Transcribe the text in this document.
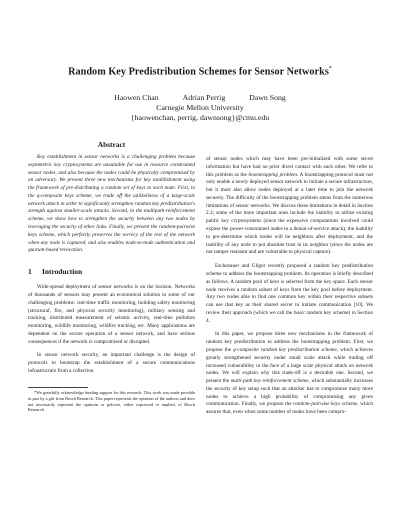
Random Key Predistribution Schemes for Sensor Networks*
Haowen Chan	Adrian Perrig	Dawn Song
Carnegie Mellon University
{haowenchan, perrig, dawnsong}@cmu.edu
Abstract

Key establishment in sensor networks is a challenging problem because asymmetric key cryptosystems are unsuitable for use in resource constrained sensor nodes, and also because the nodes could be physically compromised by an adversary. We present three new mechanisms for key establishment using the framework of pre-distributing a random set of keys to each node. First, in the q-composite keys scheme, we trade off the unlikeliness of a large-scale network attack in order to significantly strengthen random key predistribution's strength against smaller-scale attacks. Second, in the multipath-reinforcement scheme, we show how to strengthen the security between any two nodes by leveraging the security of other links. Finally, we present the random-pairwise keys scheme, which perfectly preserves the secrecy of the rest of the network when any node is captured, and also enables node-to-node authentication and quorum-based revocation.

1 Introduction

Wide-spread deployment of sensor networks is on the horizon. Networks of thousands of sensors may present an economical solution to some of our challenging problems: real-time traffic monitoring, building safety monitoring (structural, fire, and physical security monitoring), military sensing and tracking, distributed measurement of seismic activity, real-time pollution monitoring, wildlife monitoring, wildfire tracking, etc. Many applications are dependent on the secure operation of a sensor network, and have serious consequences if the network is compromised or disrupted.

In sensor network security, an important challenge is the design of protocols to bootstrap the establishment of a secure communications infrastructure from a collection

*We gratefully acknowledge funding support for this research. This work was made possible in part by a gift from Bosch Research. This paper represents the opinions of the authors and does not necessarily represent the opinions or policies, either expressed or implied, of Bosch Research.

of sensor nodes which may have been pre-initialized with some secret information but have had no prior direct contact with each other. We refer to this problem as the bootstrapping problem. A bootstrapping protocol must not only enable a newly deployed sensor network to initiate a secure infrastructure, but it must also allow nodes deployed at a later time to join the network securely. The difficulty of the bootstrapping problem stems from the numerous limitations of sensor networks. We discuss these limitations in detail in Section 2.2; some of the more important ones include the inability to utilize existing public key cryptosystems (since the expensive computations involved could expose the power-constrained nodes to a denial-of-service attack), the inability to pre-determine which nodes will be neighbors after deployment, and the inability of any node to put absolute trust in its neighbor (since the nodes are not tamper resistant and are vulnerable to physical capture).

Eschenauer and Gligor recently proposed a random key predistribution scheme to address the bootstrapping problem. Its operation is briefly described as follows. A random pool of keys is selected from the key space. Each sensor node receives a random subset of keys from the key pool before deployment. Any two nodes able to find one common key within their respective subsets can use that key as their shared secret to initiate communication [10]. We review their approach (which we call the basic random key scheme) in Section 4.

In this paper, we propose three new mechanisms in the framework of random key predistribution to address the bootstrapping problem. First, we propose the q-composite random key predistribution scheme, which achieves greatly strengthened security under small scale attack while trading off increased vulnerability in the face of a large scale physical attack on network nodes. We will explain why this trade-off is a desirable one. Second, we present the multi-path key reinforcement scheme, which substantially increases the security of key setup such that an attacker has to compromise many more nodes to achieve a high probability of compromising any given communication. Finally, we propose the random-pairwise keys scheme, which assures that, even when some number of nodes have been compro-
